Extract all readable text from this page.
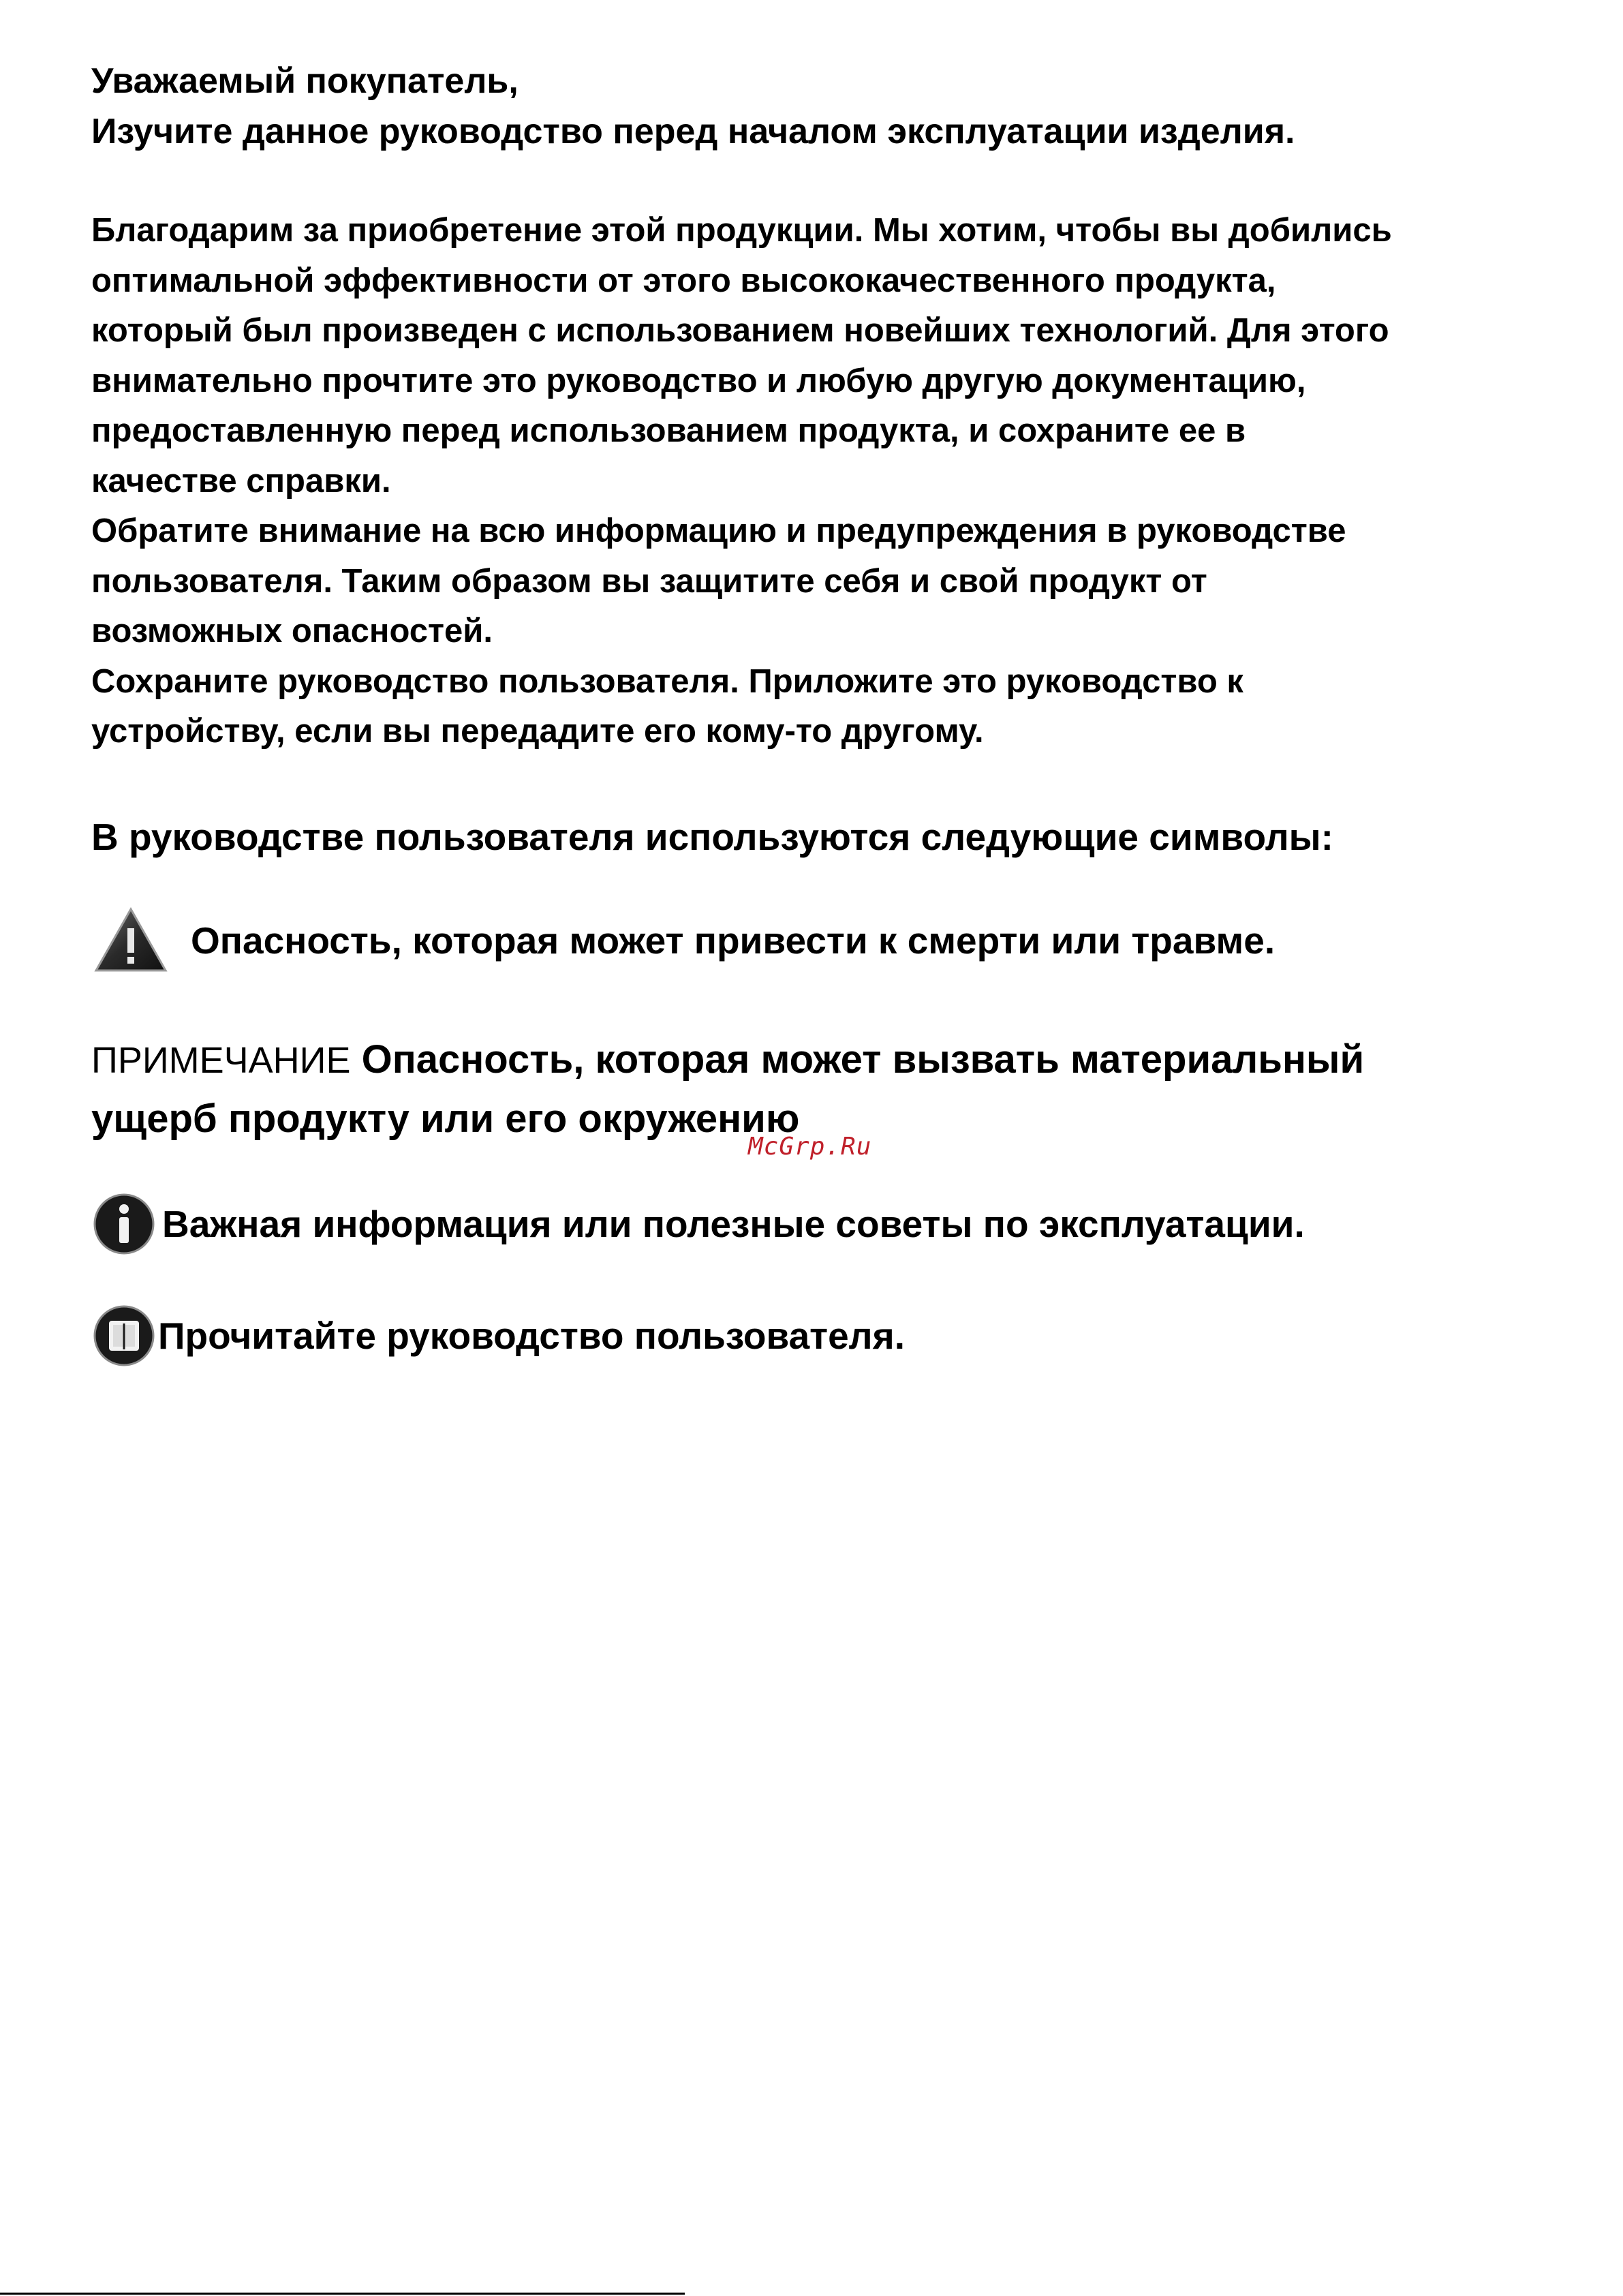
Уважаемый покупатель,
Изучите данное руководство перед началом эксплуатации изделия.

Благодарим за приобретение этой продукции. Мы хотим, чтобы вы добились
оптимальной эффективности от этого высококачественного продукта,
который был произведен с использованием новейших технологий. Для этого
внимательно прочтите это руководство и любую другую документацию,
предоставленную перед использованием продукта, и сохраните ее в
качестве справки.

Обратите внимание на всю информацию и предупреждения в руководстве
пользователя. Таким образом вы защитите себя и свой продукт от
возможных опасностей.

Сохраните руководство пользователя. Приложите это руководство к
устройству, если вы передадите его кому-то другому.

В руководстве пользователя используются следующие символы:
Опасность, которая может привести к смерти или травме.
ПРИМЕЧАНИЕ Опасность, которая может вызвать материальный
ущерб продукту или его окружению
McGrp.Ru
Важная информация или полезные советы по эксплуатации.
Прочитайте руководство пользователя.
